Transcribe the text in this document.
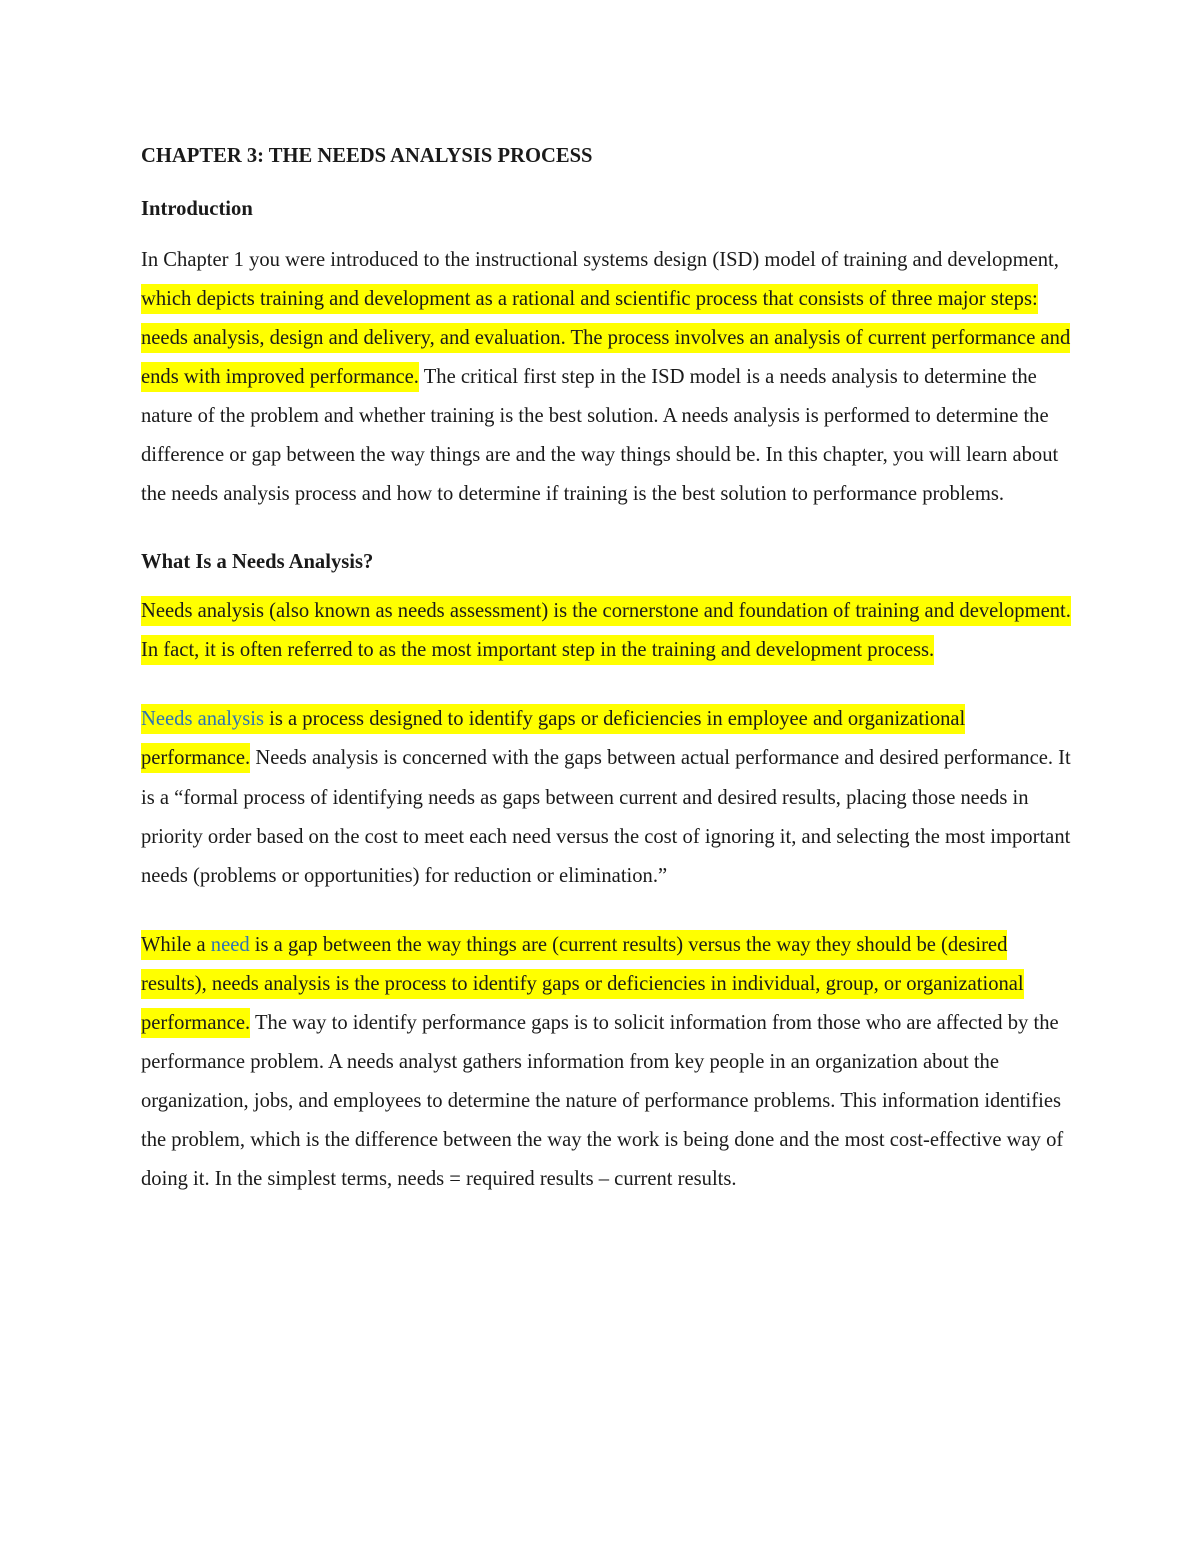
CHAPTER 3: THE NEEDS ANALYSIS PROCESS
Introduction

In Chapter 1 you were introduced to the instructional systems design (ISD) model of training and development, which depicts training and development as a rational and scientific process that consists of three major steps: needs analysis, design and delivery, and evaluation. The process involves an analysis of current performance and ends with improved performance. The critical first step in the ISD model is a needs analysis to determine the nature of the problem and whether training is the best solution. A needs analysis is performed to determine the difference or gap between the way things are and the way things should be. In this chapter, you will learn about the needs analysis process and how to determine if training is the best solution to performance problems.

What Is a Needs Analysis?

Needs analysis (also known as needs assessment) is the cornerstone and foundation of training and development. In fact, it is often referred to as the most important step in the training and development process.

Needs analysis is a process designed to identify gaps or deficiencies in employee and organizational performance. Needs analysis is concerned with the gaps between actual performance and desired performance. It is a “formal process of identifying needs as gaps between current and desired results, placing those needs in priority order based on the cost to meet each need versus the cost of ignoring it, and selecting the most important needs (problems or opportunities) for reduction or elimination.”

While a need is a gap between the way things are (current results) versus the way they should be (desired results), needs analysis is the process to identify gaps or deficiencies in individual, group, or organizational performance. The way to identify performance gaps is to solicit information from those who are affected by the performance problem. A needs analyst gathers information from key people in an organization about the organization, jobs, and employees to determine the nature of performance problems. This information identifies the problem, which is the difference between the way the work is being done and the most cost-effective way of doing it. In the simplest terms, needs = required results – current results.
